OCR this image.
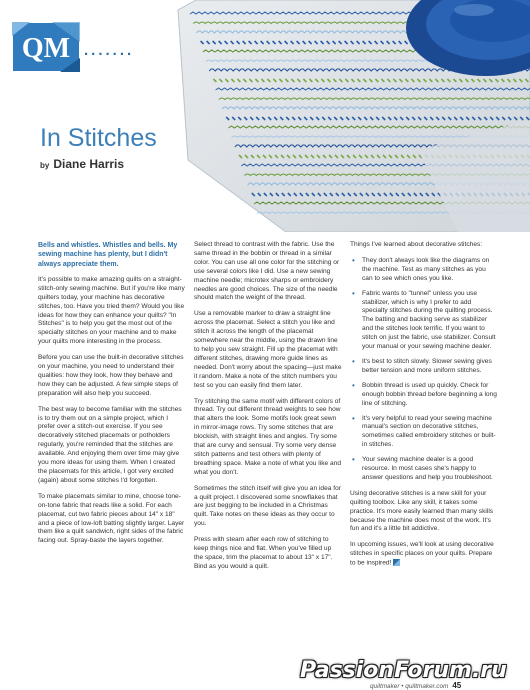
QM .......
In Stitches
by Diane Harris

Bells and whistles. Whistles and bells. My sewing machine has plenty, but I didn't always appreciate them.

It's possible to make amazing quilts on a straight-stitch-only sewing machine. But if you're like many quilters today, your machine has decorative stitches, too. Have you tried them? Would you like ideas for how they can enhance your quilts? "In Stitches" is to help you get the most out of the specialty stitches on your machine and to make your quilts more interesting in the process.

Before you can use the built-in decorative stitches on your machine, you need to understand their qualities: how they look, how they behave and how they can be adjusted. A few simple steps of preparation will also help you succeed.

The best way to become familiar with the stitches is to try them out on a simple project, which I prefer over a stitch-out exercise. If you see decoratively stitched placemats or potholders regularly, you're reminded that the stitches are available. And enjoying them over time may give you more ideas for using them. When I created the placemats for this article, I got very excited (again) about some stitches I'd forgotten.

To make placemats similar to mine, choose tone-on-tone fabric that reads like a solid. For each placemat, cut two fabric pieces about 14" x 18" and a piece of low-loft batting slightly larger. Layer them like a quilt sandwich, right sides of the fabric facing out. Spray-baste the layers together.

Select thread to contrast with the fabric. Use the same thread in the bobbin or thread in a similar color. You can use all one color for the stitching or use several colors like I did. Use a new sewing machine needle; microtex sharps or embroidery needles are good choices. The size of the needle should match the weight of the thread.

Use a removable marker to draw a straight line across the placemat. Select a stitch you like and stitch it across the length of the placemat somewhere near the middle, using the drawn line to help you sew straight. Fill up the placemat with different stitches, drawing more guide lines as needed. Don't worry about the spacing—just make it random. Make a note of the stitch numbers you test so you can easily find them later.

Try stitching the same motif with different colors of thread. Try out different thread weights to see how that alters the look. Some motifs look great sewn in mirror-image rows. Try some stitches that are blockish, with straight lines and angles. Try some that are curvy and sensual. Try some very dense stitch patterns and test others with plenty of breathing space. Make a note of what you like and what you don't.

Sometimes the stitch itself will give you an idea for a quilt project. I discovered some snowflakes that are just begging to be included in a Christmas quilt. Take notes on these ideas as they occur to you.

Press with steam after each row of stitching to keep things nice and flat. When you've filled up the space, trim the placemat to about 13" x 17". Bind as you would a quilt.

Things I've learned about decorative stitches:

• They don't always look like the diagrams on the machine. Test as many stitches as you can to see which ones you like.
• Fabric wants to "tunnel" unless you use stabilizer, which is why I prefer to add specialty stitches during the quilting process. The batting and backing serve as stabilizer and the stitches look terrific. If you want to stitch on just the fabric, use stabilizer. Consult your manual or your sewing machine dealer.
• It's best to stitch slowly. Slower sewing gives better tension and more uniform stitches.
• Bobbin thread is used up quickly. Check for enough bobbin thread before beginning a long line of stitching.
• It's very helpful to read your sewing machine manual's section on decorative stitches, sometimes called embroidery stitches or built-in stitches.
• Your sewing machine dealer is a good resource. In most cases she's happy to answer questions and help you troubleshoot.

Using decorative stitches is a new skill for your quilting toolbox. Like any skill, it takes some practice. It's more easily learned than many skills because the machine does most of the work. It's fun and it's a little bit addictive.

In upcoming issues, we'll look at using decorative stitches in specific places on your quilts. Prepare to be inspired!

PassionForum.ru
quiltmaker • quiltmaker.com 45
